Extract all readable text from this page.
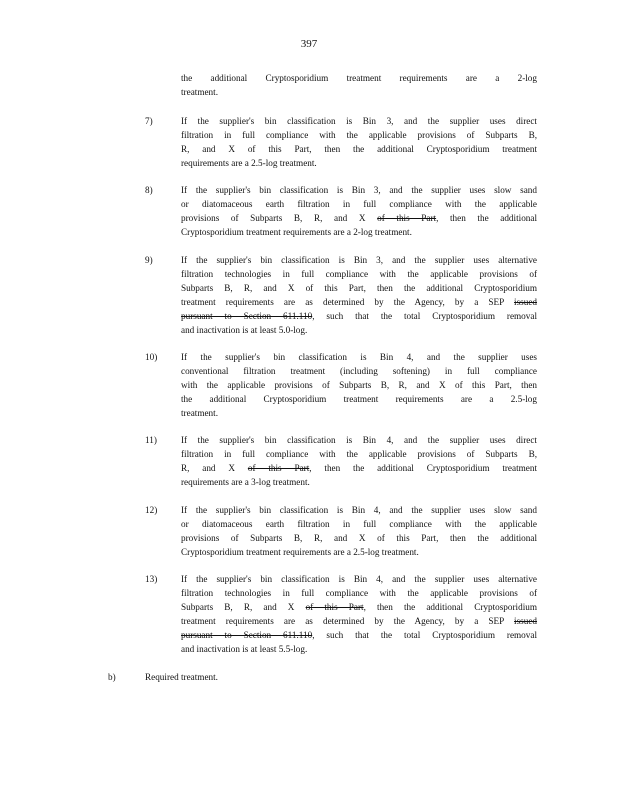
397
the additional Cryptosporidium treatment requirements are a 2-log
treatment.
7)	If the supplier's bin classification is Bin 3, and the supplier uses direct
filtration in full compliance with the applicable provisions of Subparts B,
R, and X of this Part, then the additional Cryptosporidium treatment
requirements are a 2.5-log treatment.
8)	If the supplier's bin classification is Bin 3, and the supplier uses slow sand
or diatomaceous earth filtration in full compliance with the applicable
provisions of Subparts B, R, and X of this Part, then the additional
Cryptosporidium treatment requirements are a 2-log treatment.
9)	If the supplier's bin classification is Bin 3, and the supplier uses alternative
filtration technologies in full compliance with the applicable provisions of
Subparts B, R, and X of this Part, then the additional Cryptosporidium
treatment requirements are as determined by the Agency, by a SEP issued
pursuant to Section 611.110, such that the total Cryptosporidium removal
and inactivation is at least 5.0-log.
10)	If the supplier's bin classification is Bin 4, and the supplier uses
conventional filtration treatment (including softening) in full compliance
with the applicable provisions of Subparts B, R, and X of this Part, then
the additional Cryptosporidium treatment requirements are a 2.5-log
treatment.
11)	If the supplier's bin classification is Bin 4, and the supplier uses direct
filtration in full compliance with the applicable provisions of Subparts B,
R, and X of this Part, then the additional Cryptosporidium treatment
requirements are a 3-log treatment.
12)	If the supplier's bin classification is Bin 4, and the supplier uses slow sand
or diatomaceous earth filtration in full compliance with the applicable
provisions of Subparts B, R, and X of this Part, then the additional
Cryptosporidium treatment requirements are a 2.5-log treatment.
13)	If the supplier's bin classification is Bin 4, and the supplier uses alternative
filtration technologies in full compliance with the applicable provisions of
Subparts B, R, and X of this Part, then the additional Cryptosporidium
treatment requirements are as determined by the Agency, by a SEP issued
pursuant to Section 611.110, such that the total Cryptosporidium removal
and inactivation is at least 5.5-log.
b)	Required treatment.
